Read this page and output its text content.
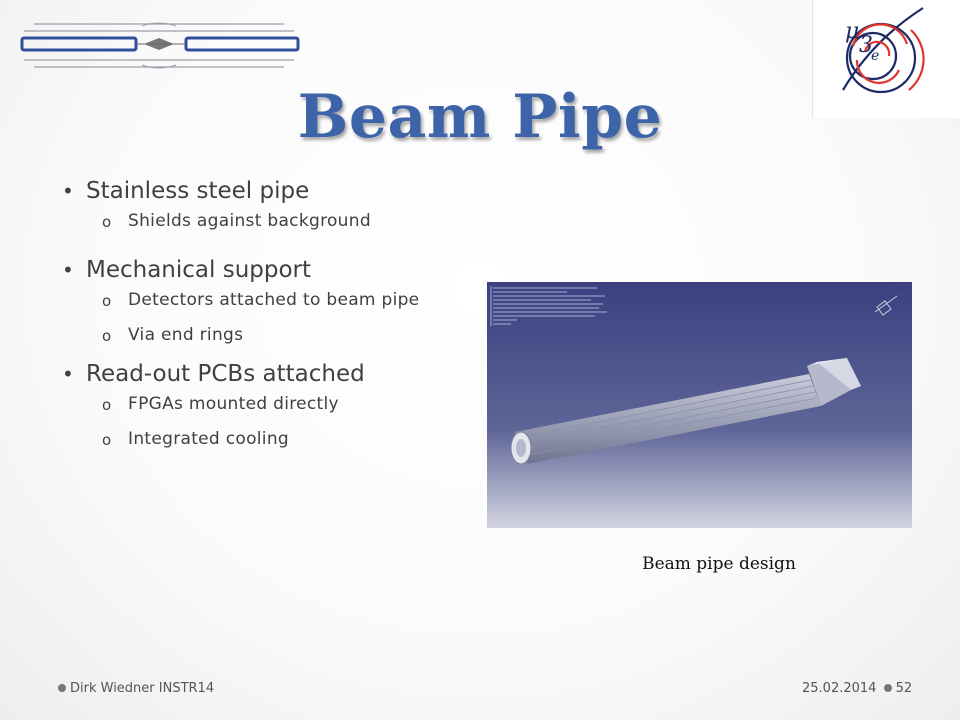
μ
3
e
Beam Pipe
• Stainless steel pipe
o Shields against background
• Mechanical support
o Detectors attached to beam pipe
o Via end rings
• Read-out PCBs attached
o FPGAs mounted directly
o Integrated cooling
Beam pipe design
Dirk Wiedner INSTR14	25.02.2014 52
